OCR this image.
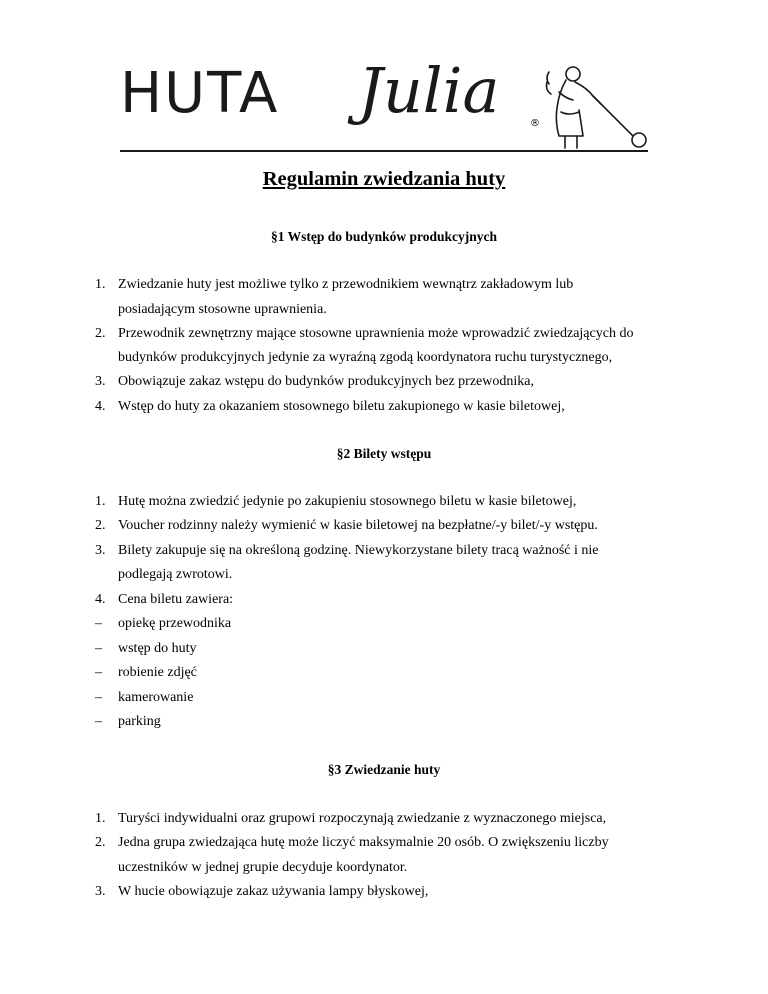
HUTA Julia	®
Regulamin zwiedzania huty
§1 Wstęp do budynków produkcyjnych
1. Zwiedzanie huty jest możliwe tylko z przewodnikiem wewnątrz zakładowym lub
posiadającym stosowne uprawnienia.
2. Przewodnik zewnętrzny mające stosowne uprawnienia może wprowadzić zwiedzających do
budynków produkcyjnych jedynie za wyraźną zgodą koordynatora ruchu turystycznego,
3. Obowiązuje zakaz wstępu do budynków produkcyjnych bez przewodnika,
4. Wstęp do huty za okazaniem stosownego biletu zakupionego w kasie biletowej,
§2 Bilety wstępu
1. Hutę można zwiedzić jedynie po zakupieniu stosownego biletu w kasie biletowej,
2. Voucher rodzinny należy wymienić w kasie biletowej na bezpłatne/-y bilet/-y wstępu.
3. Bilety zakupuje się na określoną godzinę. Niewykorzystane bilety tracą ważność i nie
podlegają zwrotowi.
4. Cena biletu zawiera:
– opiekę przewodnika
– wstęp do huty
– robienie zdjęć
– kamerowanie
– parking
§3 Zwiedzanie huty
1. Turyści indywidualni oraz grupowi rozpoczynają zwiedzanie z wyznaczonego miejsca,
2. Jedna grupa zwiedzająca hutę może liczyć maksymalnie 20 osób. O zwiększeniu liczby
uczestników w jednej grupie decyduje koordynator.
3. W hucie obowiązuje zakaz używania lampy błyskowej,
